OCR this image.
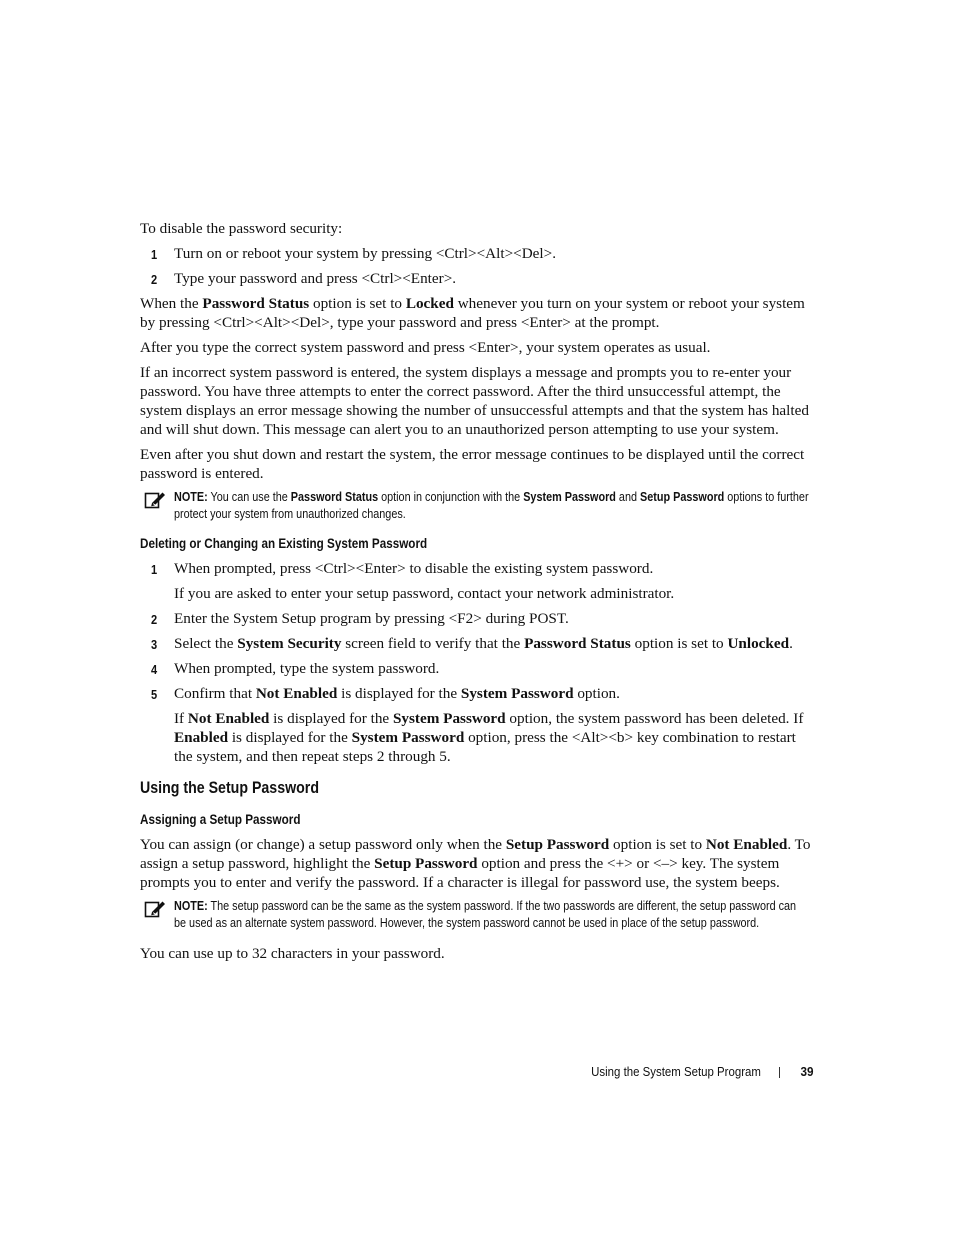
To disable the password security:

1 Turn on or reboot your system by pressing <Ctrl><Alt><Del>.

2 Type your password and press <Ctrl><Enter>.

When the Password Status option is set to Locked whenever you turn on your system or reboot your system by pressing <Ctrl><Alt><Del>, type your password and press <Enter> at the prompt.

After you type the correct system password and press <Enter>, your system operates as usual.

If an incorrect system password is entered, the system displays a message and prompts you to re-enter your password. You have three attempts to enter the correct password. After the third unsuccessful attempt, the system displays an error message showing the number of unsuccessful attempts and that the system has halted and will shut down. This message can alert you to an unauthorized person attempting to use your system.

Even after you shut down and restart the system, the error message continues to be displayed until the correct password is entered.

NOTE: You can use the Password Status option in conjunction with the System Password and Setup Password options to further protect your system from unauthorized changes.
Deleting or Changing an Existing System Password
1 When prompted, press <Ctrl><Enter> to disable the existing system password.

If you are asked to enter your setup password, contact your network administrator.

2 Enter the System Setup program by pressing <F2> during POST.

3 Select the System Security screen field to verify that the Password Status option is set to Unlocked.

4 When prompted, type the system password.

5 Confirm that Not Enabled is displayed for the System Password option.

If Not Enabled is displayed for the System Password option, the system password has been deleted. If Enabled is displayed for the System Password option, press the <Alt><b> key combination to restart the system, and then repeat steps 2 through 5.

Using the Setup Password
Assigning a Setup Password

You can assign (or change) a setup password only when the Setup Password option is set to Not Enabled. To assign a setup password, highlight the Setup Password option and press the <+> or <–> key. The system prompts you to enter and verify the password. If a character is illegal for password use, the system beeps.

NOTE: The setup password can be the same as the system password. If the two passwords are different, the setup password can be used as an alternate system password. However, the system password cannot be used in place of the setup password.

You can use up to 32 characters in your password.

Using the System Setup Program	39
